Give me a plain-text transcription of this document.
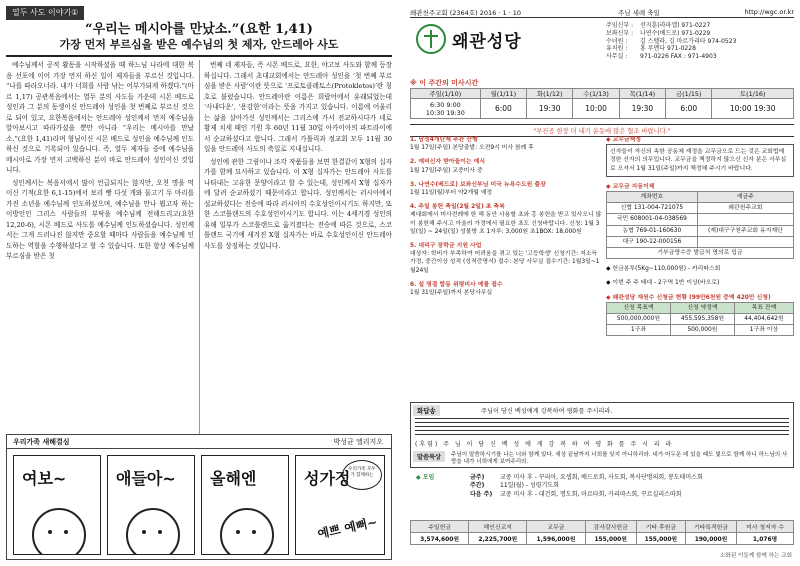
열두 사도 이야기①
“우리는 메시아를 만났소.”(요한 1,41)
가장 먼저 부르심을 받은 예수님의 첫 제자, 안드레아 사도

예수님께서 공적 활동을 시작하셨을 때 하느님 나라에 대한 복음 선포에 이어 가장 먼저 하신 일이 제자들을 부르신 것입니다. “나를 따라오너라. 내가 너희를 사람 낚는 어부가되게 하겠다.”(마르 1,17) 공관복음에서는 열두 분의 사도들 가운데 시몬 베드로 성인과 그 분의 동생이신 안드레아 성인을 첫 번째로 부르신 것으로 되어 있고, 요한복음에서는 안드레아 성인께서 먼저 예수님을 알아보시고 따라가셨을 뿐만 아니라 “우리는 메시아를 만났소.”(요한 1,41)라며 형님이신 시몬 베드로 성인을 예수님께 인도하신 것으로 기록되어 있습니다. 즉, 열두 제자들 중에 예수님을 메시아로 가장 먼저 고백하신 분이 바로 안드레아 성인이신 것입니다.

성인께서는 복음서에서 많이 언급되지는 않지만, 오천 명을 먹이신 기적(요한 6,1-15)에서 보리 빵 다섯 개와 물고기 두 마리를 가진 소년을 예수님께 인도하셨으며, 예수님을 만나 뵙고자 하는 이방인인 그리스 사람들의 부탁을 예수님께 전해드리고(요한 12,20-6), 시몬 베드로 사도를 예수님께 인도하셨습니다. 성인께서는 그게 드러나진 않지만 중요할 때마다 사람들을 예수님께 인도하는 역할을 수행하셨다고 할 수 있습니다. 또한 항상 예수님께 부르심을 받은 첫

번째 네 제자들, 즉 시몬 베드로, 요한, 야고보 사도와 함께 등장하십니다. 그래서 초대교회에서는 안드레아 성인을 ‘첫 번째 부르심을 받은 사람’이란 뜻으로 ‘프로토클레토스(Protokletos)’란 칭호로 불렀습니다. 안드레아란 이름은 희랍어에서 유래되었는데 ‘사내다운’, ‘용감한’이라는 뜻을 가지고 있습니다. 이름에 어울리는 삶을 살아가신 성인께서는 그리스에 가서 전교하시다가 네로 황제 치세 때인 기원 후 60년 11월 30일 아카이아의 파트라이에서 순교하셨다고 합니다. 그래서 가톨릭과 정교회 모두 11월 30일을 안드레아 사도의 축일로 지내십니다.

성인에 관한 그림이나 조각 작품들을 보면 한결같이 X형의 십자가를 함께 묘사하고 있습니다. 이 X형 십자가는 안드레아 사도를 나타내는 고유한 문양이라고 할 수 있는데, 성인께서 X형 십자가에 달려 순교하셨기 때문이라고 합니다. 성인께서는 러시아에서 설교하셨다는 전승에 따라 러시아의 수호성인이시기도 하지만, 또한 스코틀랜드의 수호성인이시기도 합니다. 이는 4세기경 성인의 유해 일부가 스코틀랜드로 옮겨졌다는 전승에 따른 것으로, 스코틀랜드 국기에 새겨진 X형 십자가는 바로 수호성인이신 안드레아 사도를 상징하는 것입니다.

우리가족 새해결심	박성균 엘리지오
여보~	애들아~ 올해엔	성가정
우리가족 모두가 함께하는
예쁘 예뻐~
왜관천주교회 (2364호) 2016 · 1 · 10	주님 세례 축일	http://wgc.or.kr
왜관성당
주임신부 : 선지훈(라파엘) 971-0227
보좌신부 : 나연수(베드로) 971-0229
수녀원 : 김 스텔라, 김 마르가리타 974-0523
유치원 : 홍 루멘다 971-0228
사무실 : 971-0226 FAX : 971-4903
※ 이 주간의 미사시간
주일(1/10)	월(1/11)	화(1/12)	수(1/13)	목(1/14)	금(1/15)	토(1/16)
6:30 9:00
10:30 19:30	6:00	19:30	10:00	19:30	6:00	10:00 19:30
"부진공 현장 더 내기 운동에 많은 협조 바랍니다."
1. 남성4개단체 주관 산행
1월 17일(주일) 본당출발: 오전9시 미사 참례 후
2. 예비신자 받아들이는 예식
1월 17일(주일) 교중미사 중
3. 나연수(베드로) 보좌신부님 미국 뉴욕수도원 출장
1월 11일(월)부터 약2개월 예정
4. 주일 봉헌 축일(2월 2일) 초 축복
제대회에서 미사전례에 한 해 동안 사용할 초와 홍 봉헌을 받고 있사오니 많이 봉헌해 주시고 아울러 가정에서 필요한 초도 신청바랍니다. 신청: 1월 3일(일) ~ 24일(일) 성물방 초 1자루: 3,000원 초1BOX: 18,000원
5. 대리구 장학금 지원 사업
대상자: 학비가 부족하여 어려움을 겪고 있는 '고등학생' 신청기간: 저소득가정, 중간이상 성적 (성적증명서) 접수: 본당 사무실 접수기간: 1월3일~1월24일
6. 설 명절 합동 위령미사 예물 접수
1월 31일(주일)까지 본당사무실
◆ 교무금책정
신자들이 자신의 속한 공동체 재정을 교무금으로 드는 것은 교회법에 정한 신자의 의무입니다. 교무금을 책정하지 않으신 신자 분은 사무실로 오셔서 1월 31일(주일)까지 책정해 주시기 바랍니다.
◆ 교무금 자동이체
계좌번호	예금주
신협 131-004-721075	왜관천주교회
국민 608001-04-038569	
농협 769-01-160630	(재)대구구천주교회 유지재단
대구 190-12-000156	
기부금영수증 발급처 명의로 입금	
◆ 헌금봉투(5Kg~110,000원) - 카리따스회
◆ 이번 주 주 태대 - 2구역 1반 이상(바오로)
◆ 왜관성당 재원수 신청금 현황 (99만6천원 증액 420만 신청)
신청 목표액	신청 약정액	목표 잔액
500,000,000원	455,595,358원	44,404,642원
1구좌	500,000원	1구좌 이상
화답송	주님이 당신 백성에게 강복하여 평화를 주시리라.
(후렴) 주 님 이 당 신 백 성 에 게 강 복 하 여 평 화 를 주 시 리 라
말씀묵상	주님이 말씀하시기를 나는 너와 함께 있다. 세상 끝날까지 너희를 잊지 아니하리라. 네가 어두운 데 있을 때도 빛으로 함께 하니 하느님의 사랑을 내가 너희에게 보여주리라.
◆ 모임	금주)	교중 미사 후 - 꾸리아, 요셉회, 배드로회, 사도회, 복사단명의회, 봉도테미스회
주간)	11일(월) - 성령기도회
다음 주) 교중 미사 후 - 대건회, 명도회, 마르타회, 카리따스회, 꾸르실리스따회
주일헌금	헤인신교지	교무금	감사감사헌금	기타 후원금	기타특적헌금	미사 청저자 수
3,574,600원	2,225,700원	1,596,000원	155,000원	155,000원	190,000원	1,076명
소화된 이들께 함께 하는 교회
